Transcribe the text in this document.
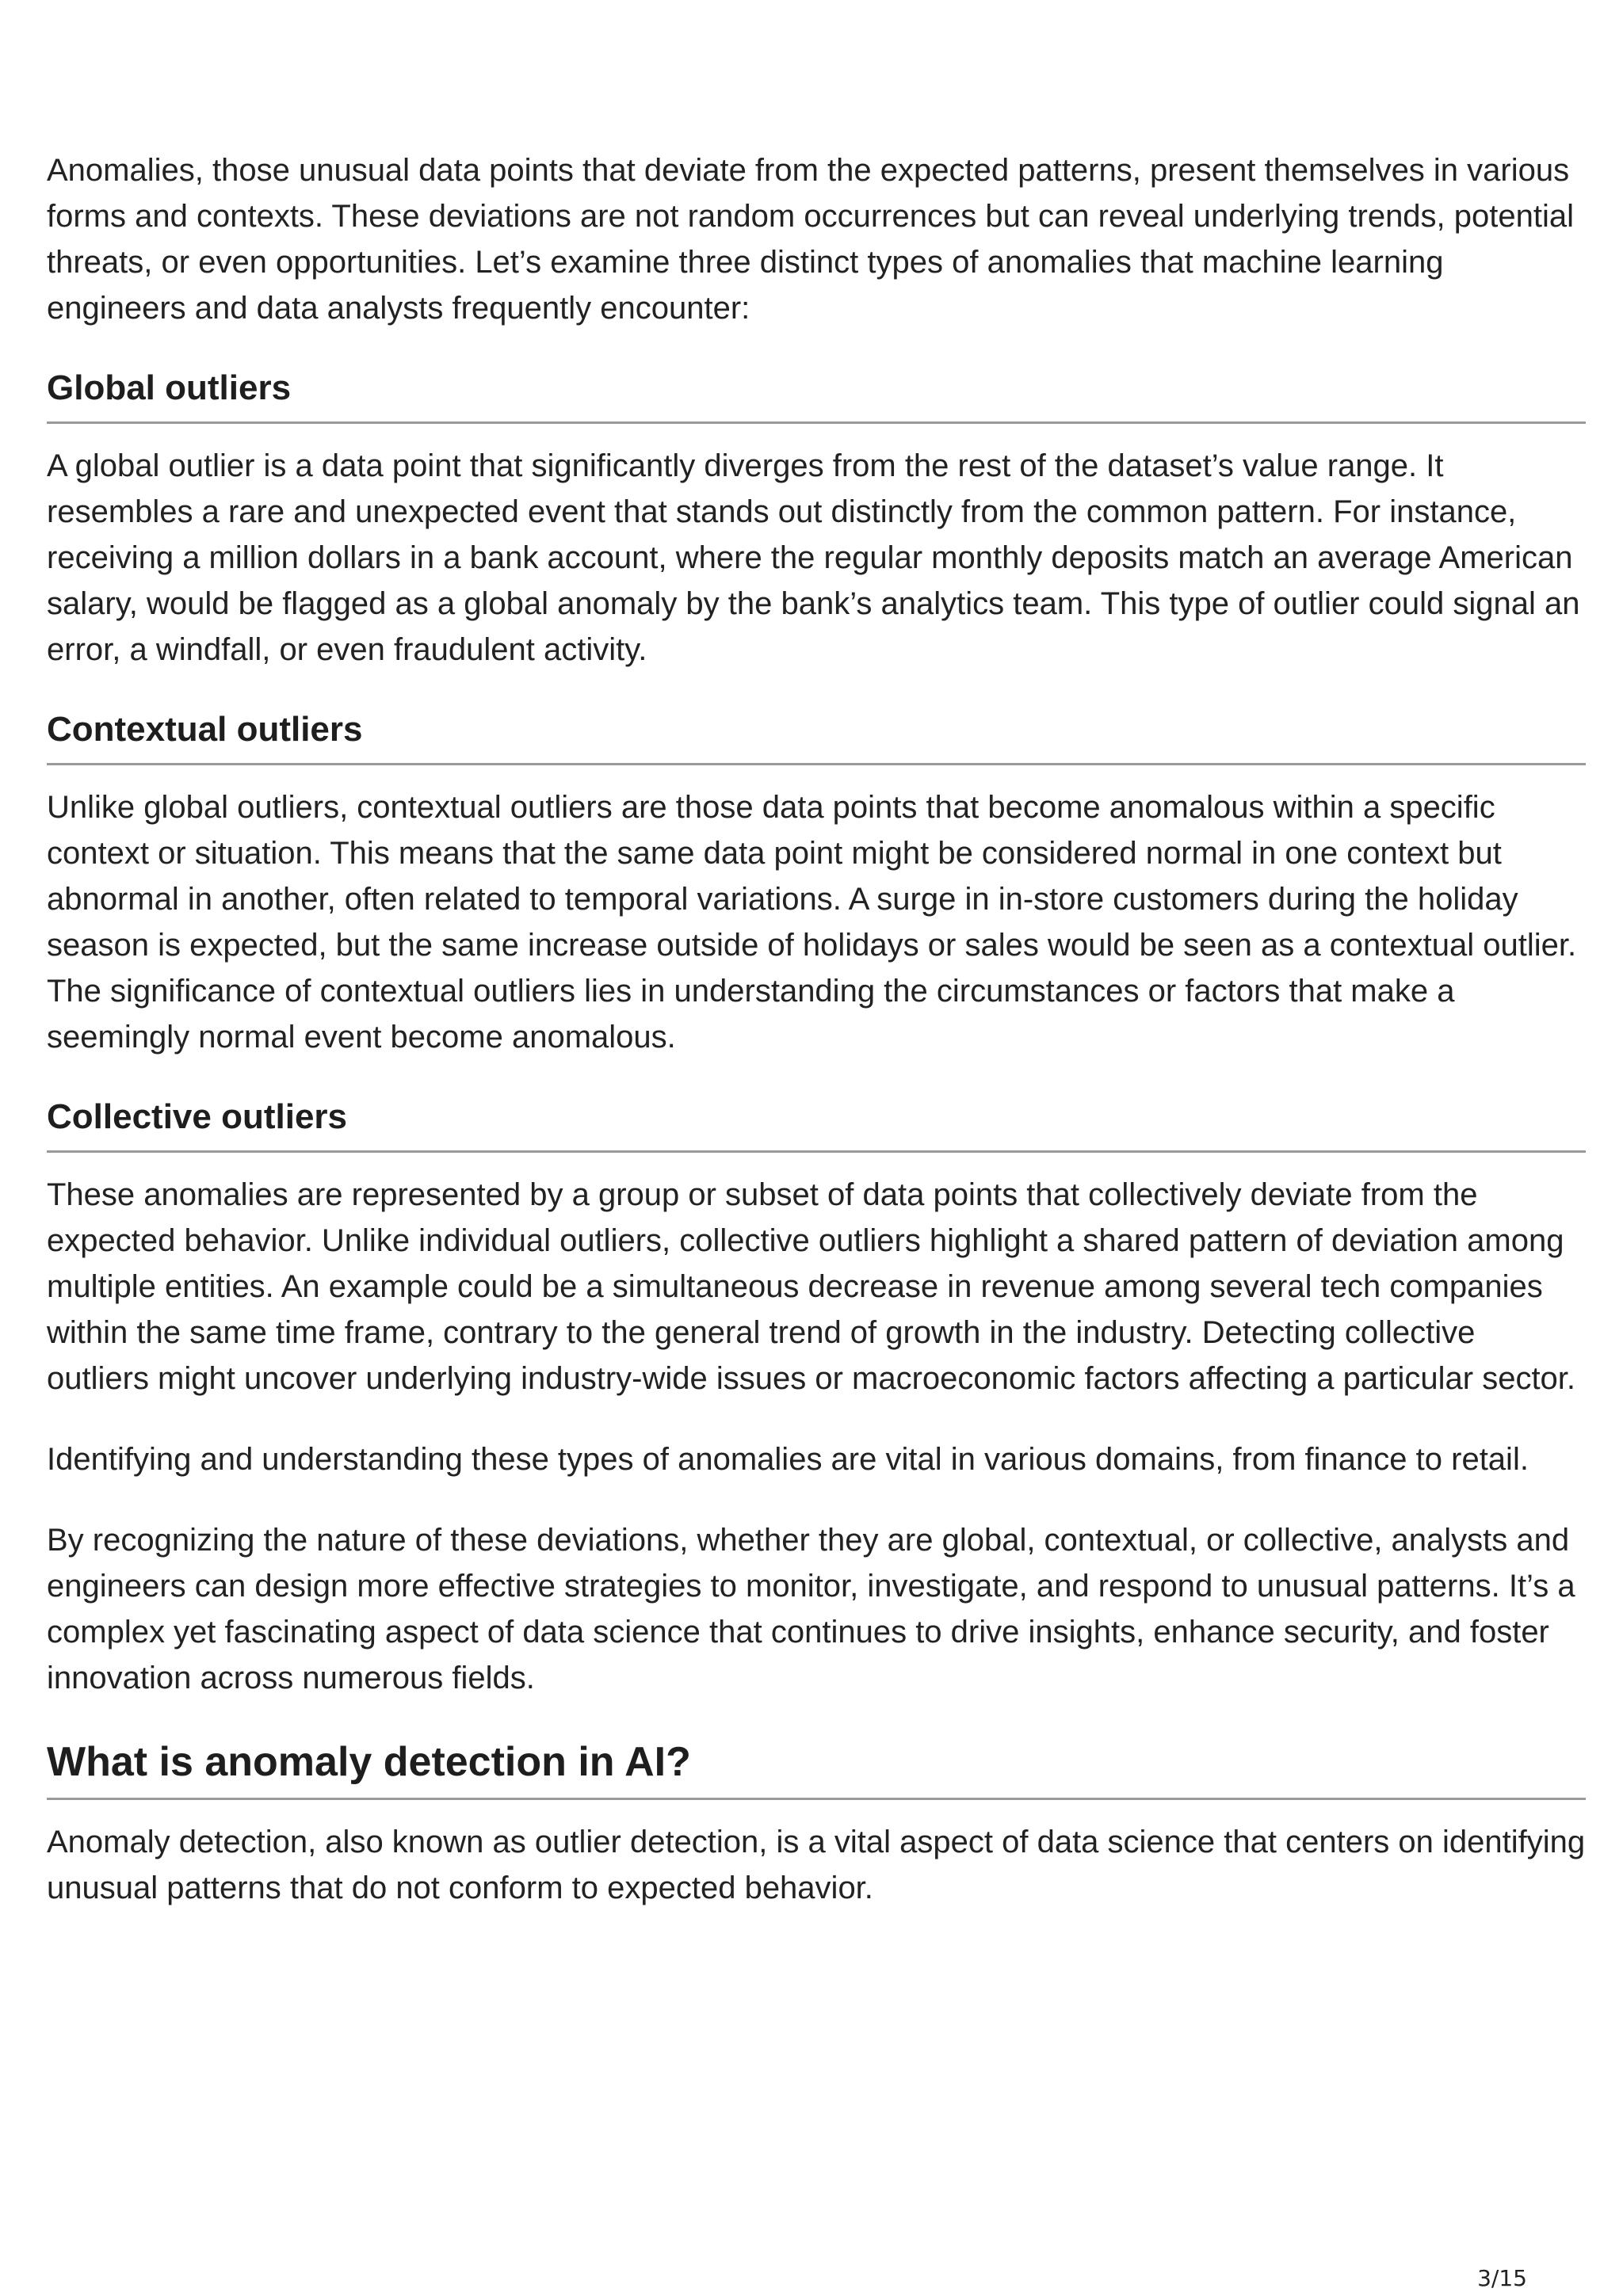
Anomalies, those unusual data points that deviate from the expected patterns, present themselves in various forms and contexts. These deviations are not random occurrences but can reveal underlying trends, potential threats, or even opportunities. Let’s examine three distinct types of anomalies that machine learning engineers and data analysts frequently encounter:

Global outliers

A global outlier is a data point that significantly diverges from the rest of the dataset’s value range. It resembles a rare and unexpected event that stands out distinctly from the common pattern. For instance, receiving a million dollars in a bank account, where the regular monthly deposits match an average American salary, would be flagged as a global anomaly by the bank’s analytics team. This type of outlier could signal an error, a windfall, or even fraudulent activity.

Contextual outliers

Unlike global outliers, contextual outliers are those data points that become anomalous within a specific context or situation. This means that the same data point might be considered normal in one context but abnormal in another, often related to temporal variations. A surge in in-store customers during the holiday season is expected, but the same increase outside of holidays or sales would be seen as a contextual outlier. The significance of contextual outliers lies in understanding the circumstances or factors that make a seemingly normal event become anomalous.

Collective outliers

These anomalies are represented by a group or subset of data points that collectively deviate from the expected behavior. Unlike individual outliers, collective outliers highlight a shared pattern of deviation among multiple entities. An example could be a simultaneous decrease in revenue among several tech companies within the same time frame, contrary to the general trend of growth in the industry. Detecting collective outliers might uncover underlying industry-wide issues or macroeconomic factors affecting a particular sector.

Identifying and understanding these types of anomalies are vital in various domains, from finance to retail.

By recognizing the nature of these deviations, whether they are global, contextual, or collective, analysts and engineers can design more effective strategies to monitor, investigate, and respond to unusual patterns. It’s a complex yet fascinating aspect of data science that continues to drive insights, enhance security, and foster innovation across numerous fields.

What is anomaly detection in AI?

Anomaly detection, also known as outlier detection, is a vital aspect of data science that centers on identifying unusual patterns that do not conform to expected behavior.

3/15
